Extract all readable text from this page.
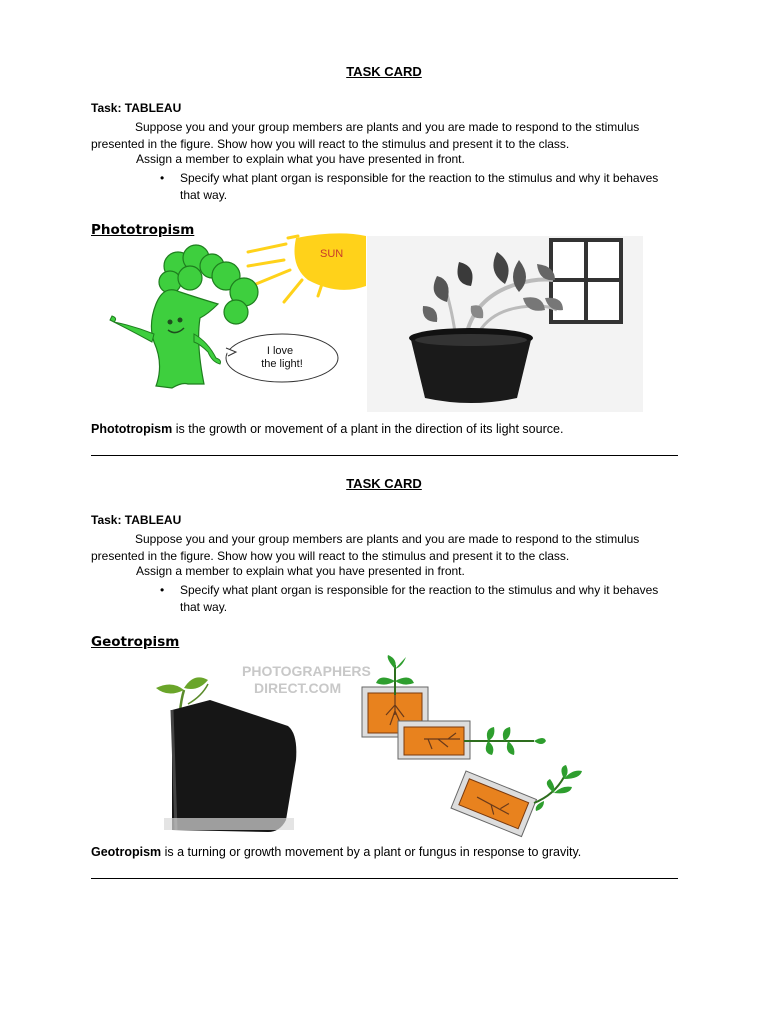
TASK CARD
Task: TABLEAU
Suppose you and your group members are plants and you are made to respond to the stimulus presented in the figure. Show how you will react to the stimulus and present it to the class.
Assign a member to explain what you have presented in front.
• Specify what plant organ is responsible for the reaction to the stimulus and why it behaves that way.
Phototropism
SUN
I love the light!
Phototropism is the growth or movement of a plant in the direction of its light source.
TASK CARD
Task: TABLEAU
Suppose you and your group members are plants and you are made to respond to the stimulus presented in the figure. Show how you will react to the stimulus and present it to the class.
Assign a member to explain what you have presented in front.
• Specify what plant organ is responsible for the reaction to the stimulus and why it behaves that way.
Geotropism
PHOTOGRAPHERS
DIRECT.COM
Geotropism is a turning or growth movement by a plant or fungus in response to gravity.
